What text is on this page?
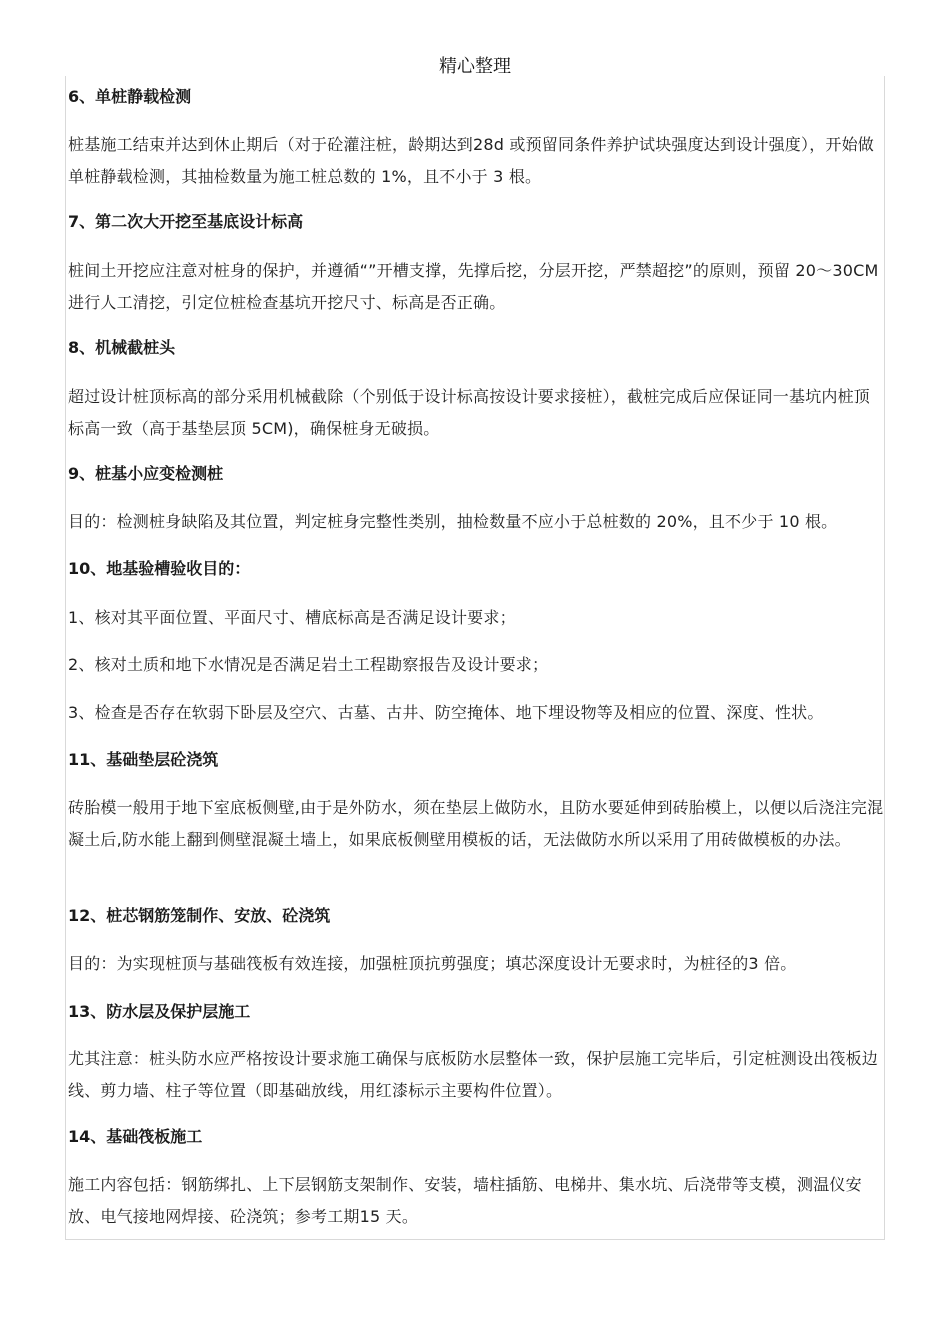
精心整理
6、单桩静载检测

桩基施工结束并达到休止期后（对于砼灌注桩，龄期达到28d 或预留同条件养护试块强度达到设计强度），开始做单桩静载检测，其抽检数量为施工桩总数的 1%，且不小于 3 根。

7、第二次大开挖至基底设计标高

桩间土开挖应注意对桩身的保护，并遵循“”开槽支撑，先撑后挖，分层开挖，严禁超挖”的原则，预留 20～30CM 进行人工清挖，引定位桩检查基坑开挖尺寸、标高是否正确。

8、机械截桩头

超过设计桩顶标高的部分采用机械截除（个别低于设计标高按设计要求接桩），截桩完成后应保证同一基坑内桩顶标高一致（高于基垫层顶 5CM)，确保桩身无破损。

9、桩基小应变检测桩

目的：检测桩身缺陷及其位置，判定桩身完整性类别，抽检数量不应小于总桩数的 20%，且不少于 10 根。

10、地基验槽验收目的：

1、核对其平面位置、平面尺寸、槽底标高是否满足设计要求；

2、核对土质和地下水情况是否满足岩土工程勘察报告及设计要求；

3、检查是否存在软弱下卧层及空穴、古墓、古井、防空掩体、地下埋设物等及相应的位置、深度、性状。

11、基础垫层砼浇筑

砖胎模一般用于地下室底板侧壁,由于是外防水，须在垫层上做防水，且防水要延伸到砖胎模上，以便以后浇注完混凝土后,防水能上翻到侧壁混凝土墙上，如果底板侧壁用模板的话，无法做防水所以采用了用砖做模板的办法。

12、桩芯钢筋笼制作、安放、砼浇筑

目的：为实现桩顶与基础筏板有效连接，加强桩顶抗剪强度；填芯深度设计无要求时，为桩径的3 倍。

13、防水层及保护层施工

尤其注意：桩头防水应严格按设计要求施工确保与底板防水层整体一致，保护层施工完毕后，引定桩测设出筏板边线、剪力墙、柱子等位置（即基础放线，用红漆标示主要构件位置）。

14、基础筏板施工

施工内容包括：钢筋绑扎、上下层钢筋支架制作、安装，墙柱插筋、电梯井、集水坑、后浇带等支模，测温仪安放、电气接地网焊接、砼浇筑；参考工期15 天。
